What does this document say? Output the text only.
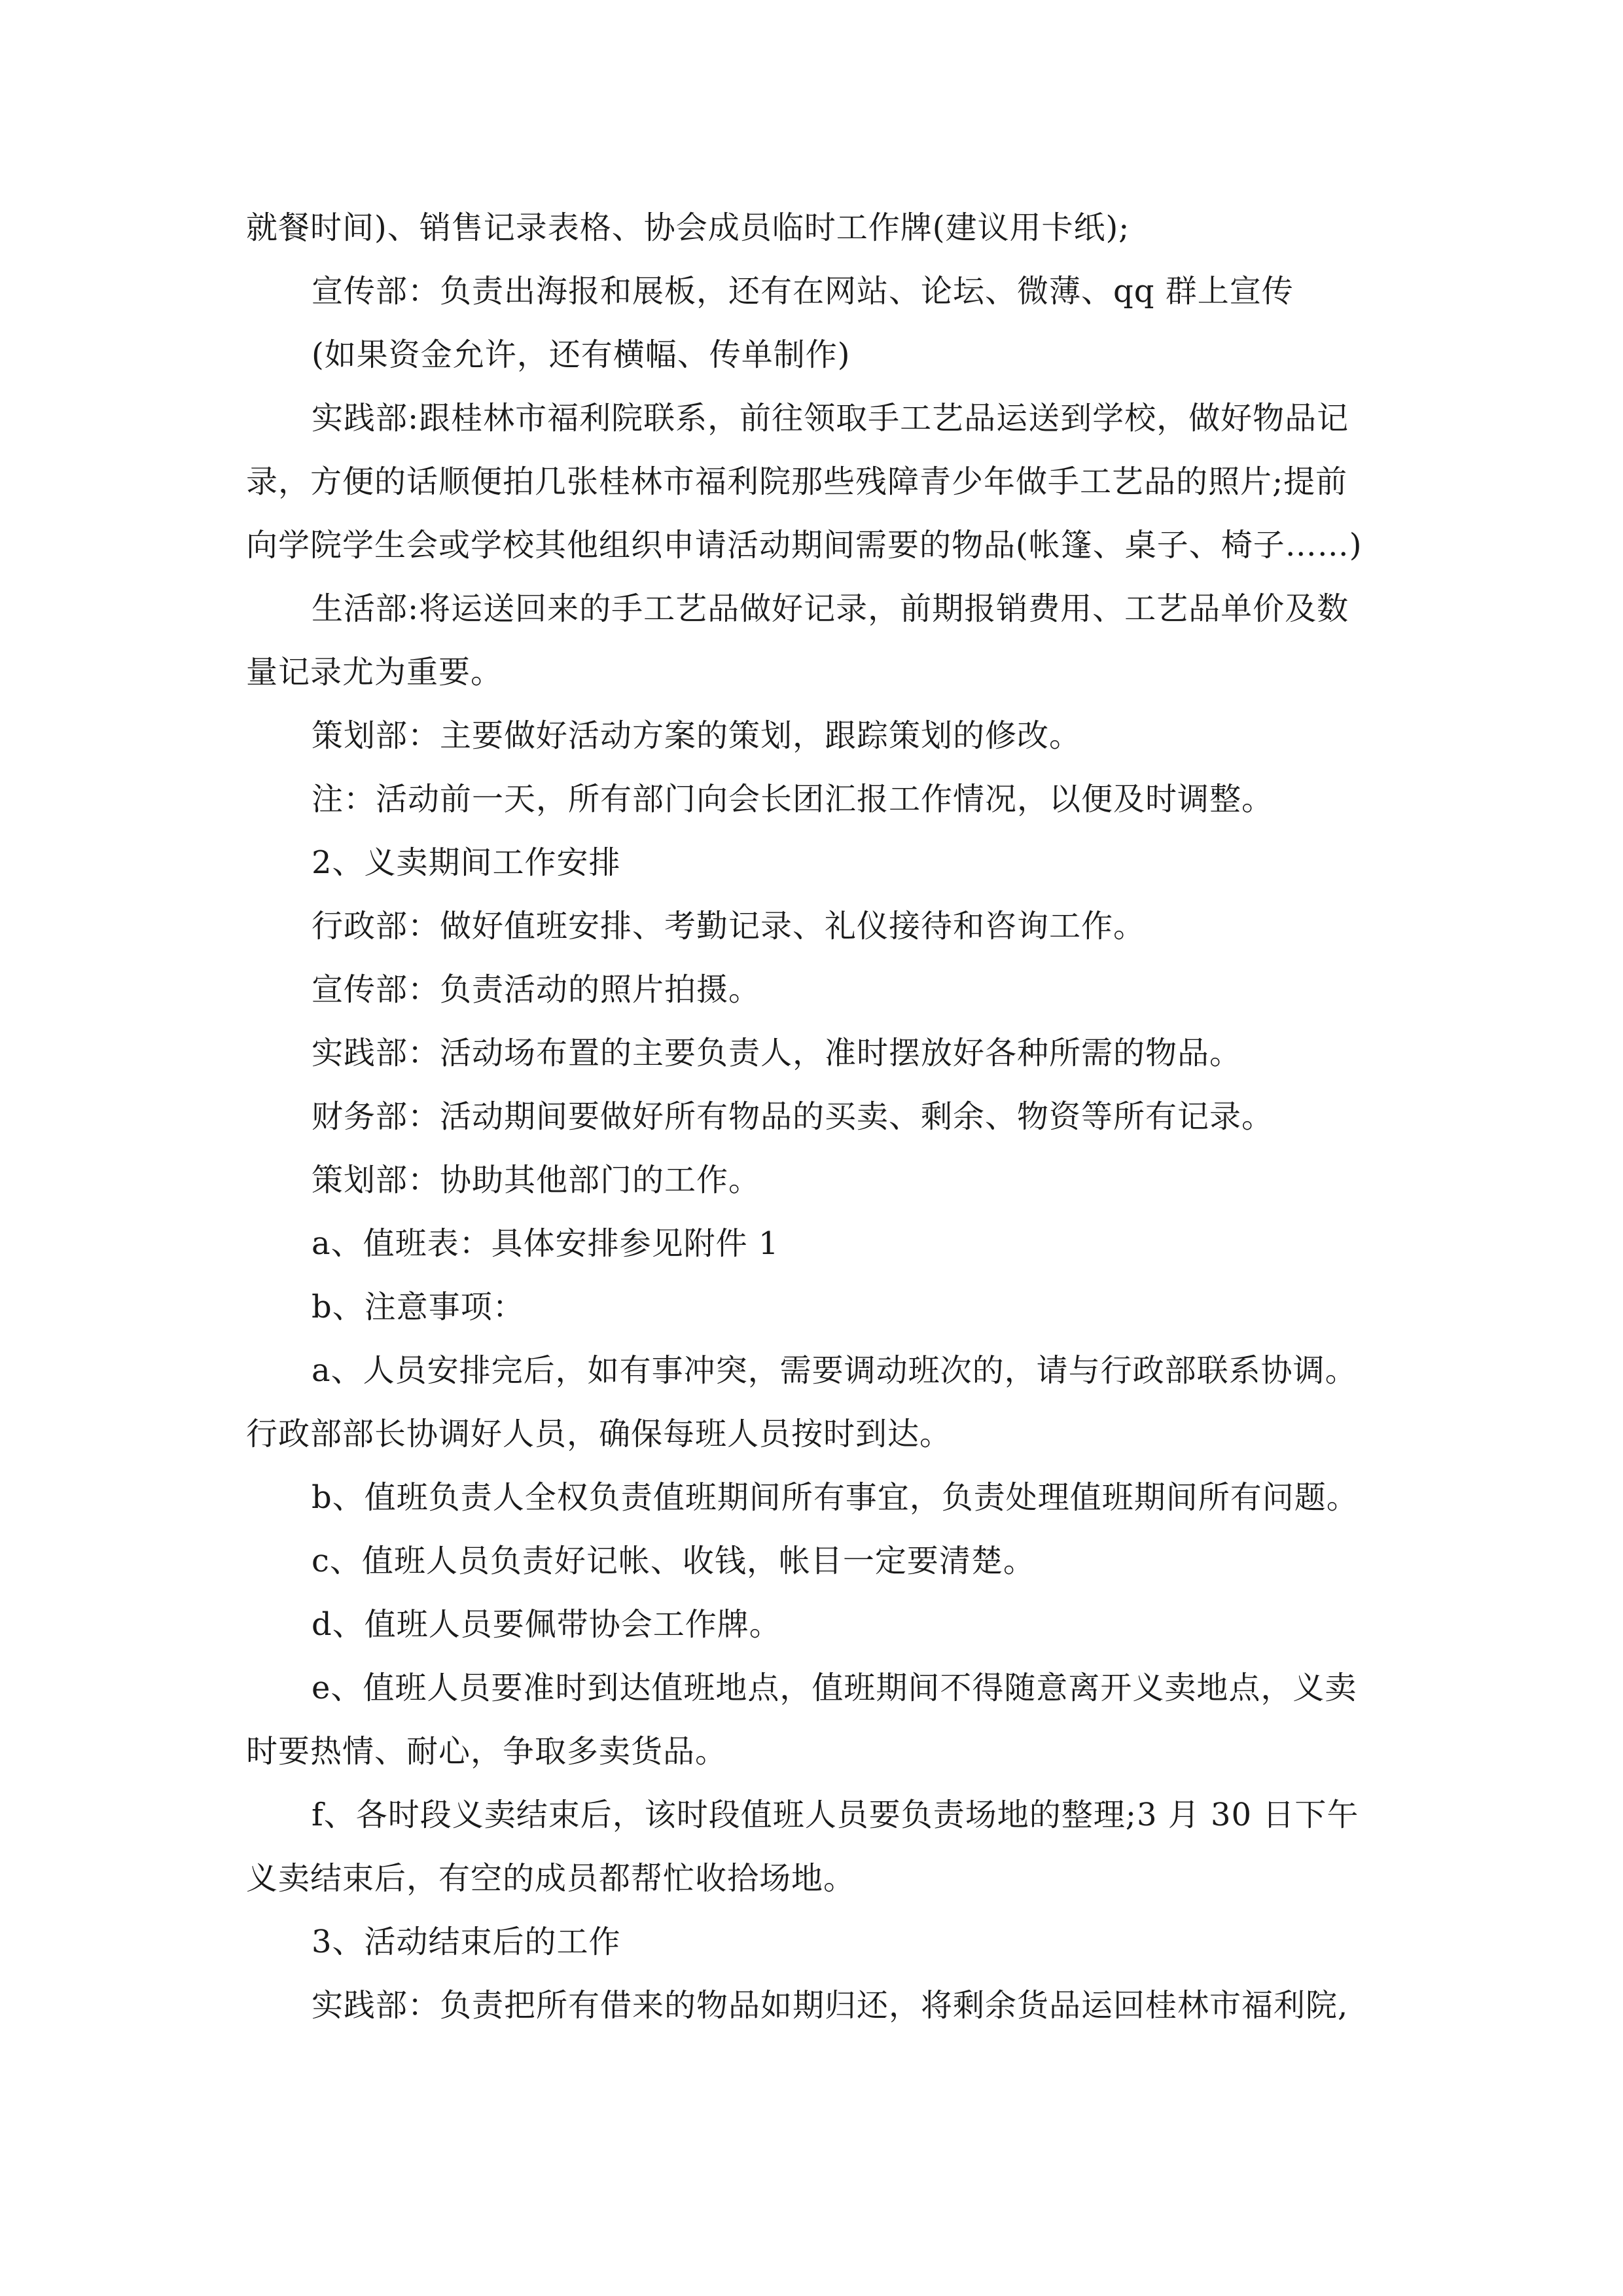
就餐时间)、销售记录表格、协会成员临时工作牌(建议用卡纸);
宣传部：负责出海报和展板，还有在网站、论坛、微薄、qq 群上宣传
(如果资金允许，还有横幅、传单制作)
实践部:跟桂林市福利院联系，前往领取手工艺品运送到学校，做好物品记
录，方便的话顺便拍几张桂林市福利院那些残障青少年做手工艺品的照片;提前
向学院学生会或学校其他组织申请活动期间需要的物品(帐篷、桌子、椅子……)
生活部:将运送回来的手工艺品做好记录，前期报销费用、工艺品单价及数
量记录尤为重要。
策划部：主要做好活动方案的策划，跟踪策划的修改。
注：活动前一天，所有部门向会长团汇报工作情况，以便及时调整。
2、义卖期间工作安排
行政部：做好值班安排、考勤记录、礼仪接待和咨询工作。
宣传部：负责活动的照片拍摄。
实践部：活动场布置的主要负责人，准时摆放好各种所需的物品。
财务部：活动期间要做好所有物品的买卖、剩余、物资等所有记录。
策划部：协助其他部门的工作。
a、值班表：具体安排参见附件 1
b、注意事项：
a、人员安排完后，如有事冲突，需要调动班次的，请与行政部联系协调。
行政部部长协调好人员，确保每班人员按时到达。
b、值班负责人全权负责值班期间所有事宜，负责处理值班期间所有问题。
c、值班人员负责好记帐、收钱，帐目一定要清楚。
d、值班人员要佩带协会工作牌。
e、值班人员要准时到达值班地点，值班期间不得随意离开义卖地点，义卖
时要热情、耐心，争取多卖货品。
f、各时段义卖结束后，该时段值班人员要负责场地的整理;3 月 30 日下午
义卖结束后，有空的成员都帮忙收拾场地。
3、活动结束后的工作
实践部：负责把所有借来的物品如期归还，将剩余货品运回桂林市福利院,
